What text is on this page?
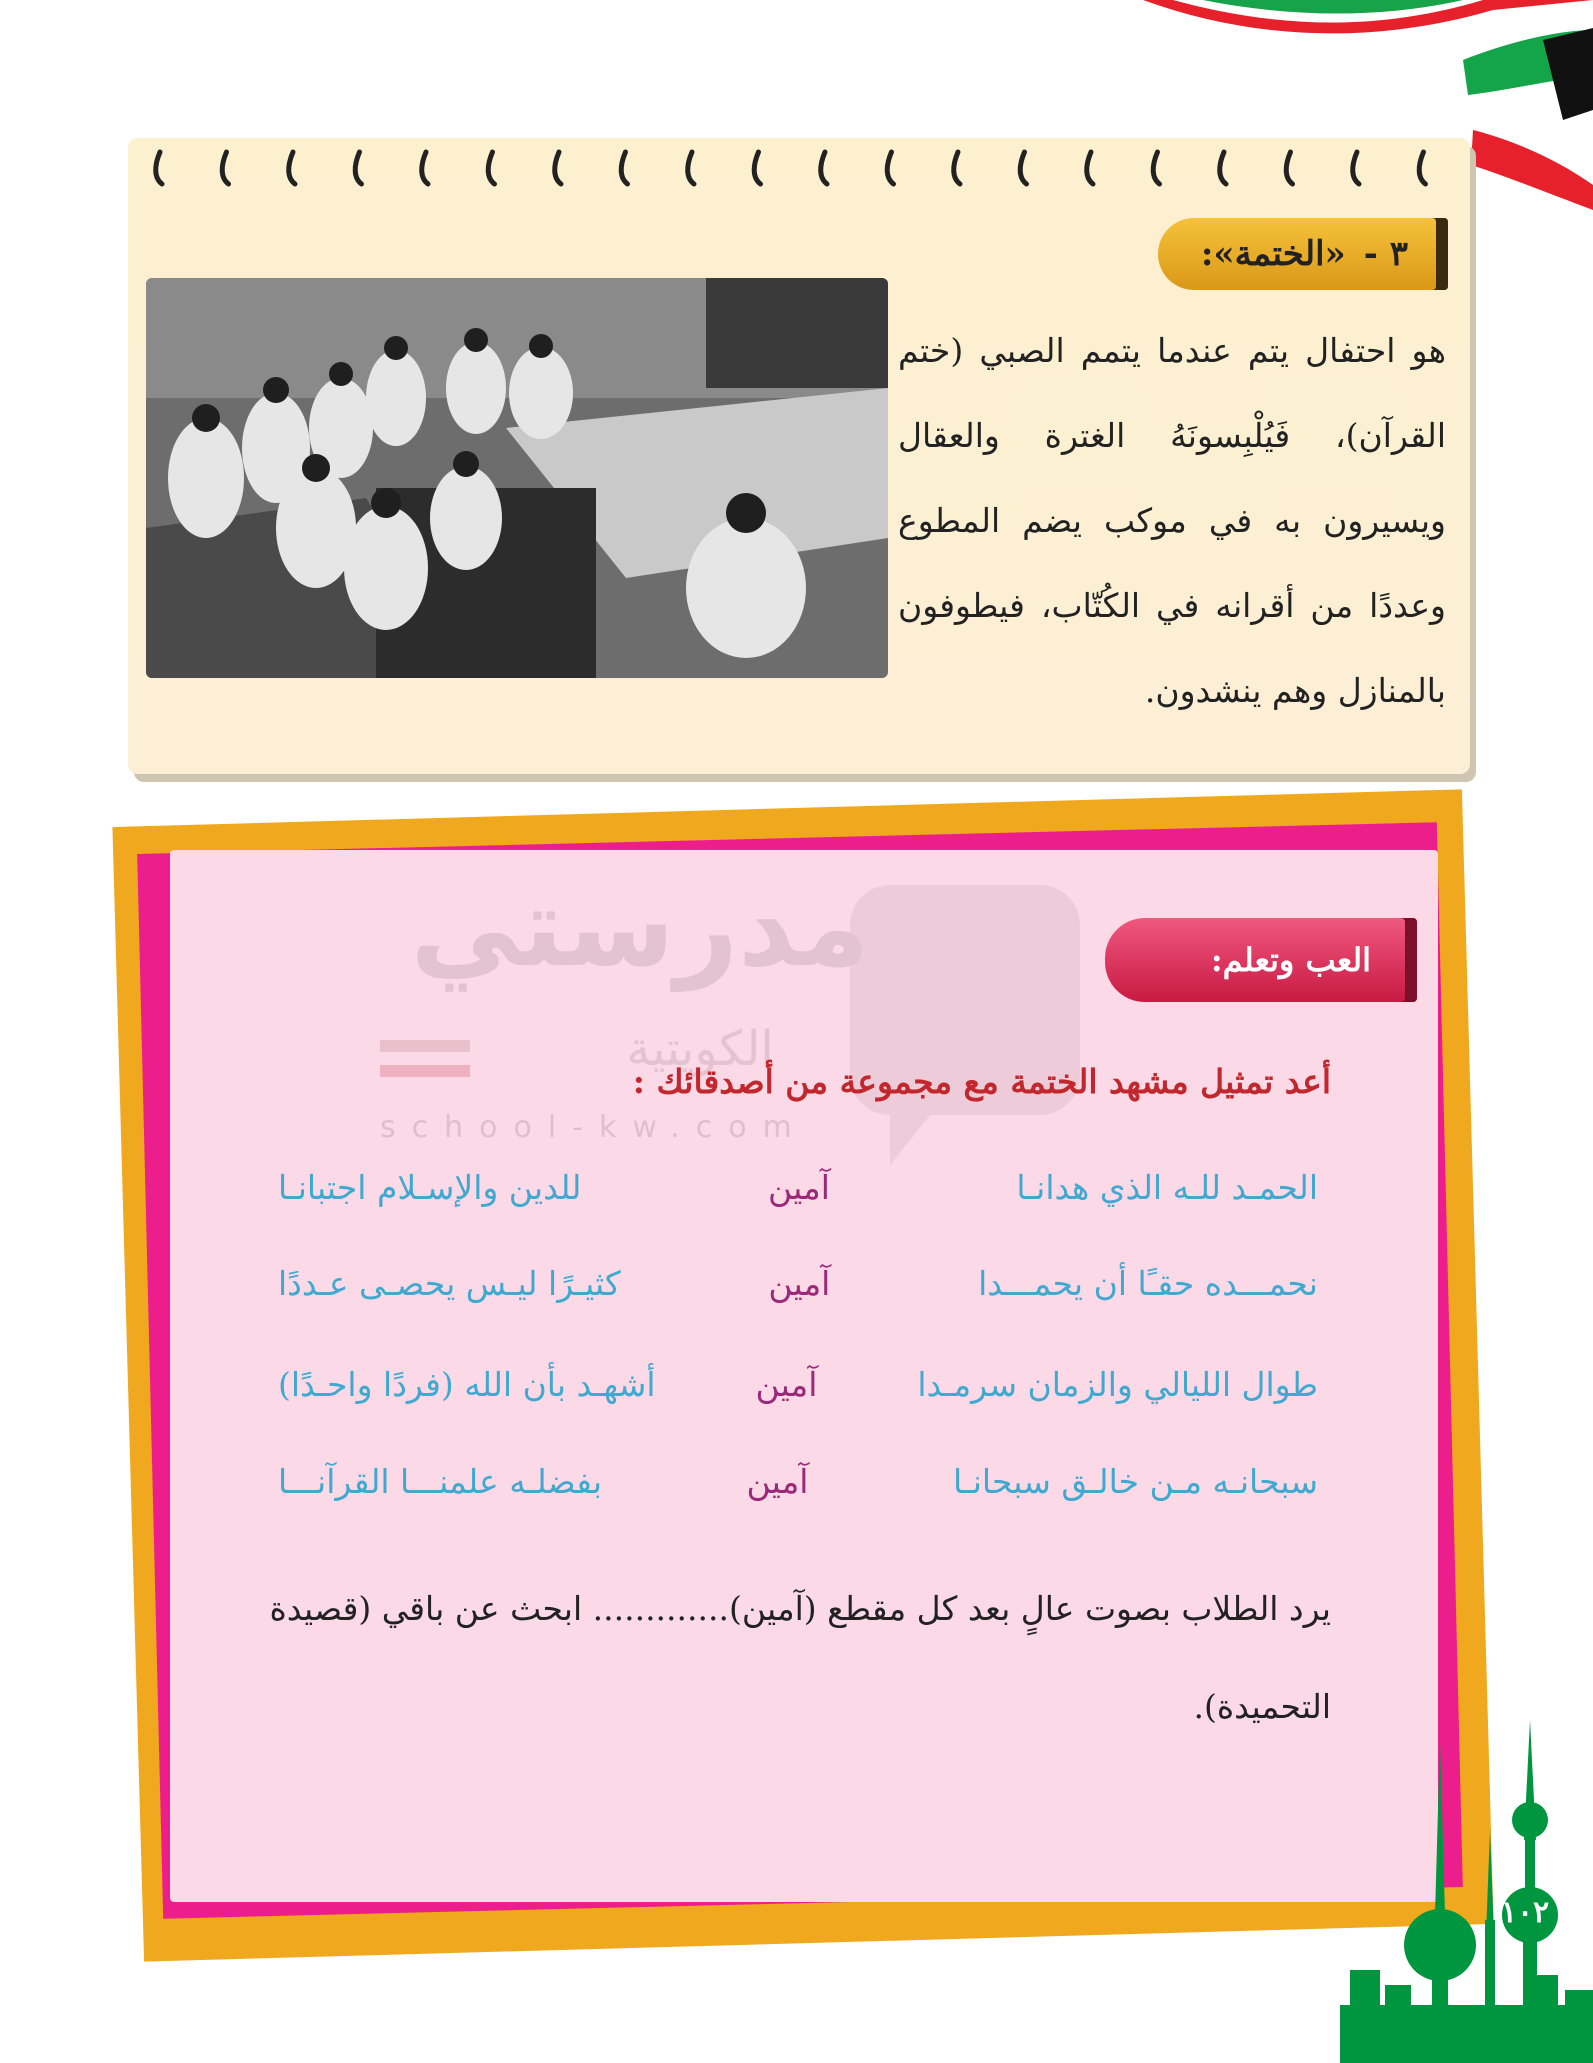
٣ -
«الختمة»:
هو احتفال يتم عندما يتمم الصبي (ختم القرآن)، فَيُلْبِسونَهُ الغترة والعقال ويسيرون به في موكب يضم المطوع وعددًا من أقرانه في الكُتّاب، فيطوفون بالمنازل وهم ينشدون.
مدرستي
الكويتية
school-kw.com
العب وتعلم:
أعد تمثيل مشهد الختمة مع مجموعة من أصدقائك :
الحمـد للـه الذي هدانـا
آمين
للدين والإسـلام اجتبانـا
نحمـــده حقـًا أن يحمـــدا
آمين
كثيـرًا ليـس يحصـى عـددًا
طوال الليالي والزمان سرمـدا
آمين
أشهـد بأن الله (فردًا واحـدًا)
سبحانـه مـن خالـق سبحانـا
آمين
بفضلـه علمنـــا القرآنـــا
يرد الطلاب بصوت عالٍ بعد كل مقطع (آمين)............. ابحث عن باقي (قصيدة التحميدة).
١٠٢
